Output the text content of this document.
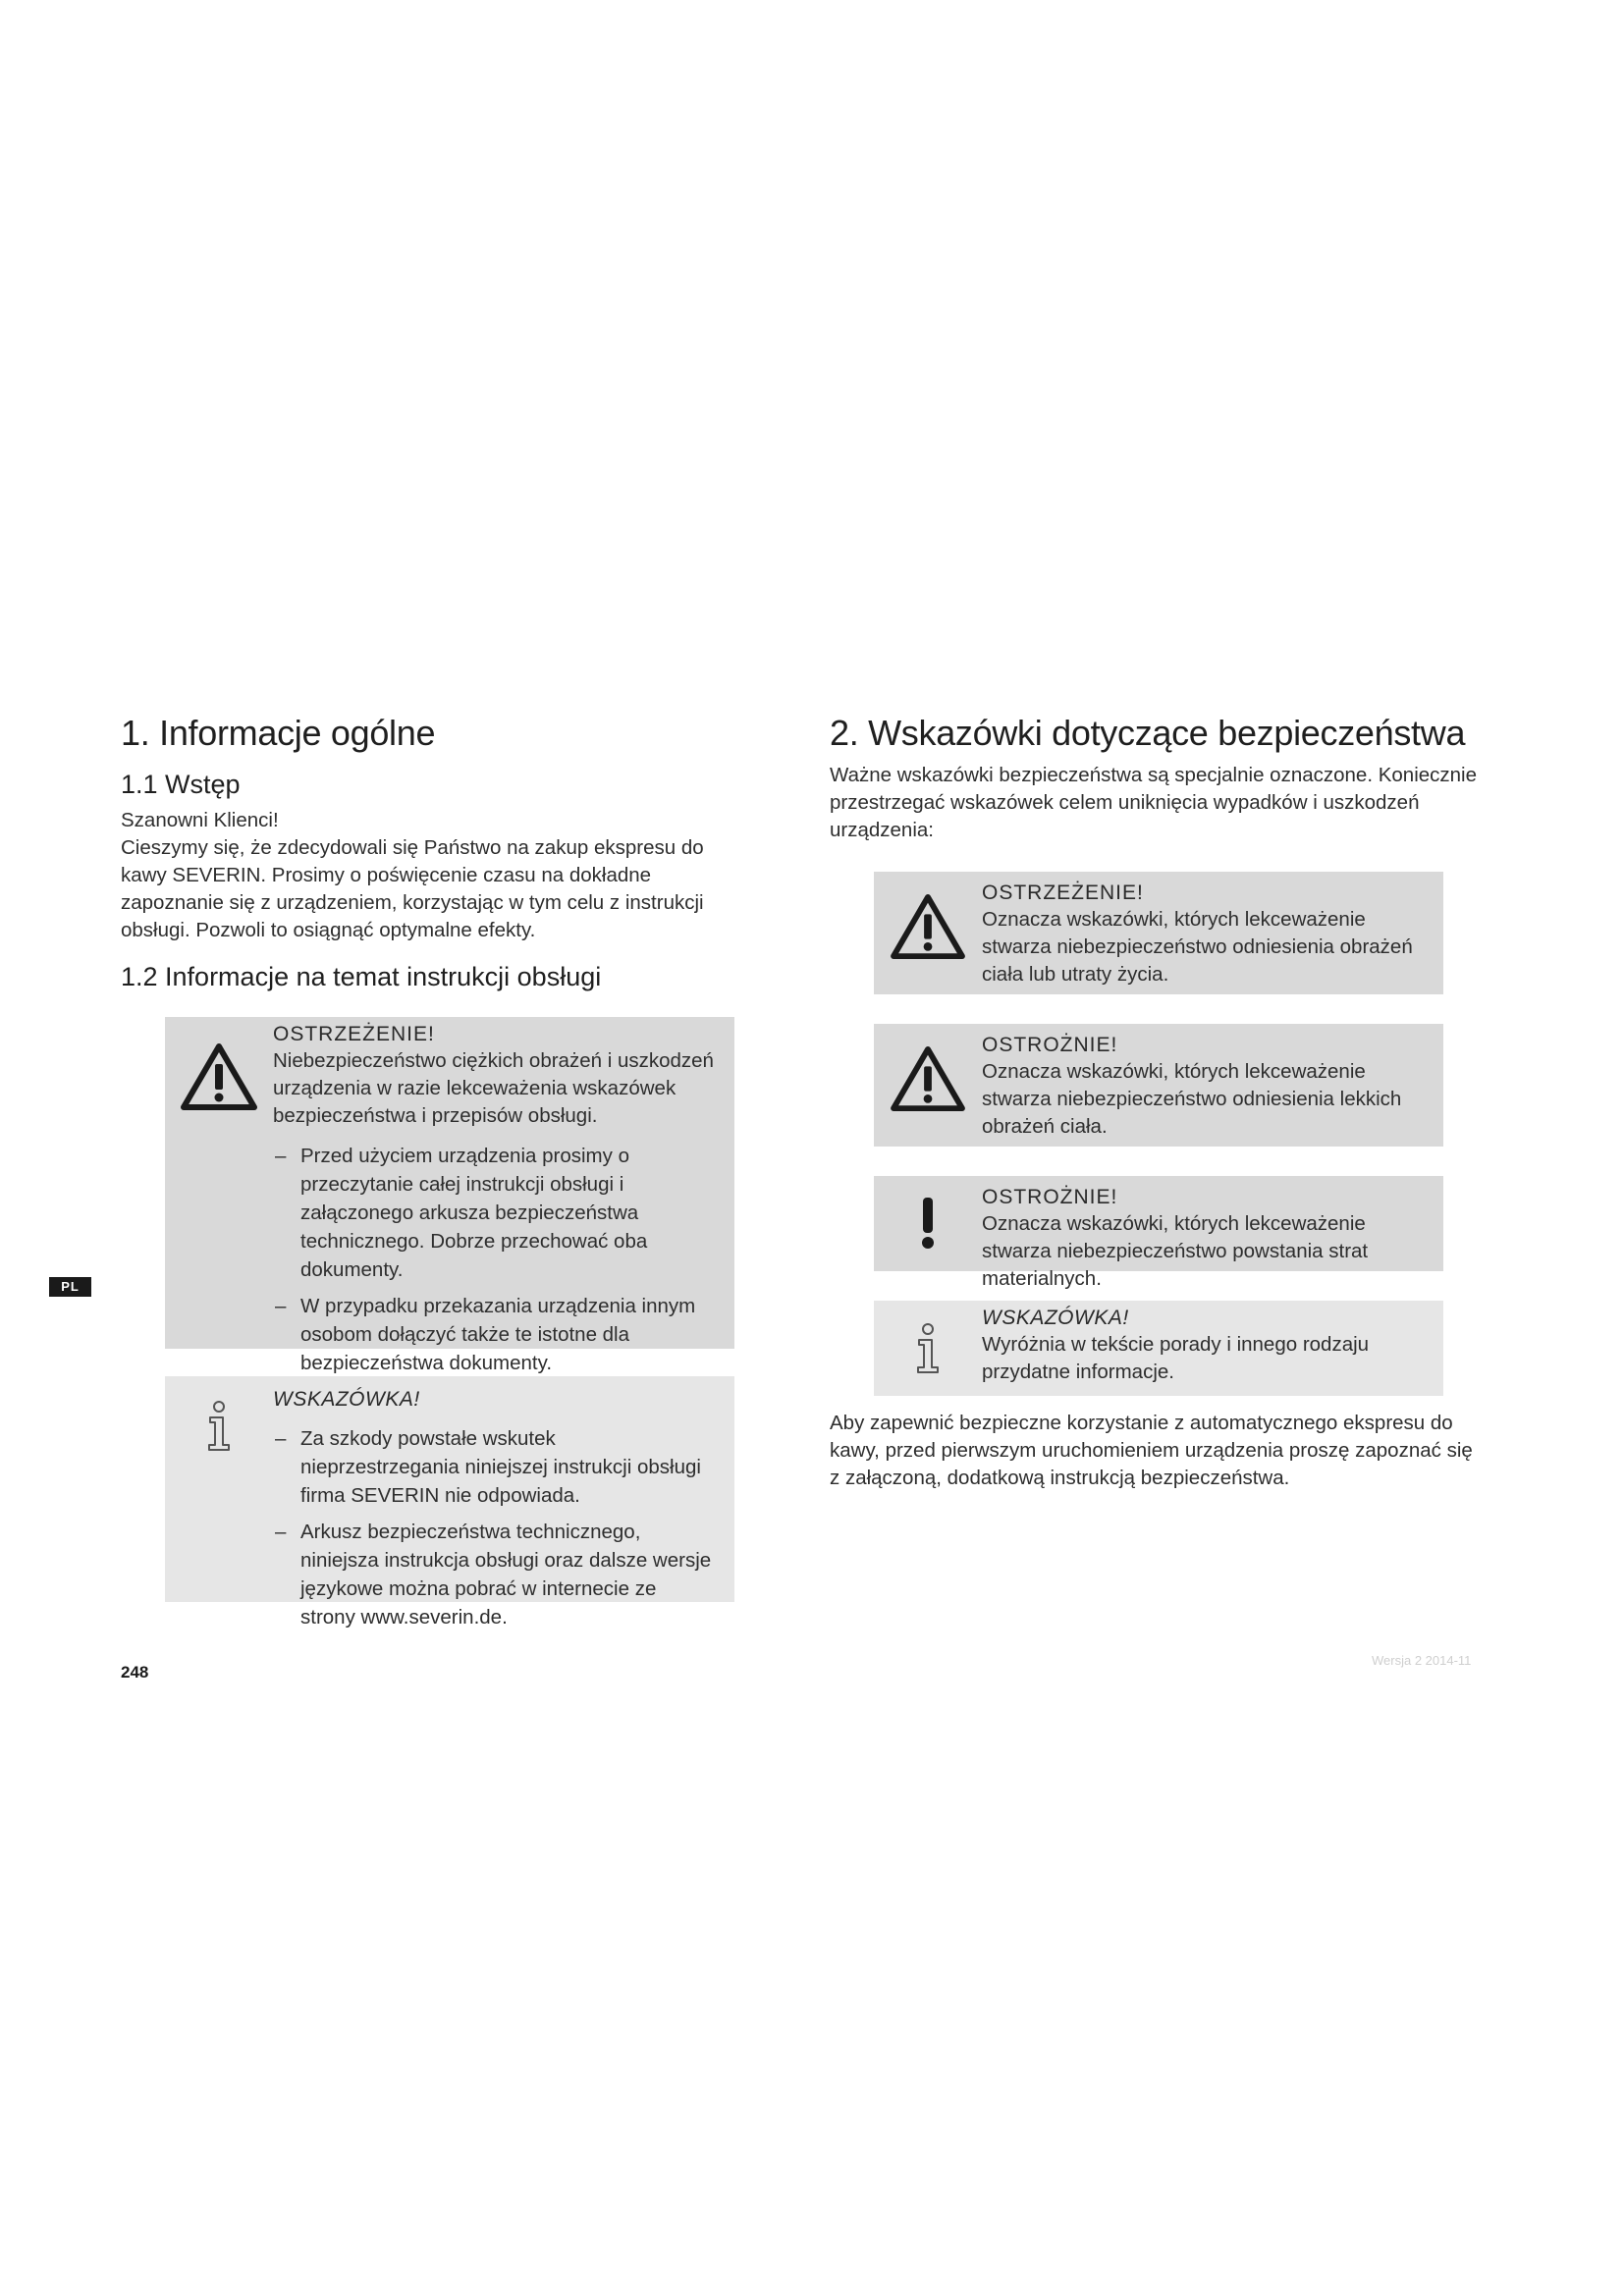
1. Informacje ogólne
1.1 Wstęp

Szanowni Klienci!

Cieszymy się, że zdecydowali się Państwo na zakup ekspresu do kawy SEVERIN. Prosimy o poświęcenie czasu na dokładne zapoznanie się z urządzeniem, korzystając w tym celu z instrukcji obsługi. Pozwoli to osiągnąć optymalne efekty.

1.2 Informacje na temat instrukcji obsługi
OSTRZEŻENIE!
Niebezpieczeństwo ciężkich obrażeń i uszkodzeń urządzenia w razie lekceważenia wskazówek bezpieczeństwa i przepisów obsługi.
– Przed użyciem urządzenia prosimy o przeczytanie całej instrukcji obsługi i załączonego arkusza bezpieczeństwa technicznego. Dobrze przechować oba dokumenty.
– W przypadku przekazania urządzenia innym osobom dołączyć także te istotne dla bezpieczeństwa dokumenty.
WSKAZÓWKA!
– Za szkody powstałe wskutek nieprzestrzegania niniejszej instrukcji obsługi firma SEVERIN nie odpowiada.
– Arkusz bezpieczeństwa technicznego, niniejsza instrukcja obsługi oraz dalsze wersje językowe można pobrać w internecie ze strony www.severin.de.
2. Wskazówki dotyczące bezpieczeństwa

Ważne wskazówki bezpieczeństwa są specjalnie oznaczone. Koniecznie przestrzegać wskazówek celem uniknięcia wypadków i uszkodzeń urządzenia:

OSTRZEŻENIE!
Oznacza wskazówki, których lekceważenie stwarza niebezpieczeństwo odniesienia obrażeń ciała lub utraty życia.
OSTROŻNIE!
Oznacza wskazówki, których lekceważenie stwarza niebezpieczeństwo odniesienia lekkich obrażeń ciała.
OSTROŻNIE!
Oznacza wskazówki, których lekceważenie stwarza niebezpieczeństwo powstania strat materialnych.
WSKAZÓWKA!
Wyróżnia w tekście porady i innego rodzaju przydatne informacje.

Aby zapewnić bezpieczne korzystanie z automatycznego ekspresu do kawy, przed pierwszym uruchomieniem urządzenia proszę zapoznać się z załączoną, dodatkową instrukcją bezpieczeństwa.

PL
248
Wersja 2 2014-11
